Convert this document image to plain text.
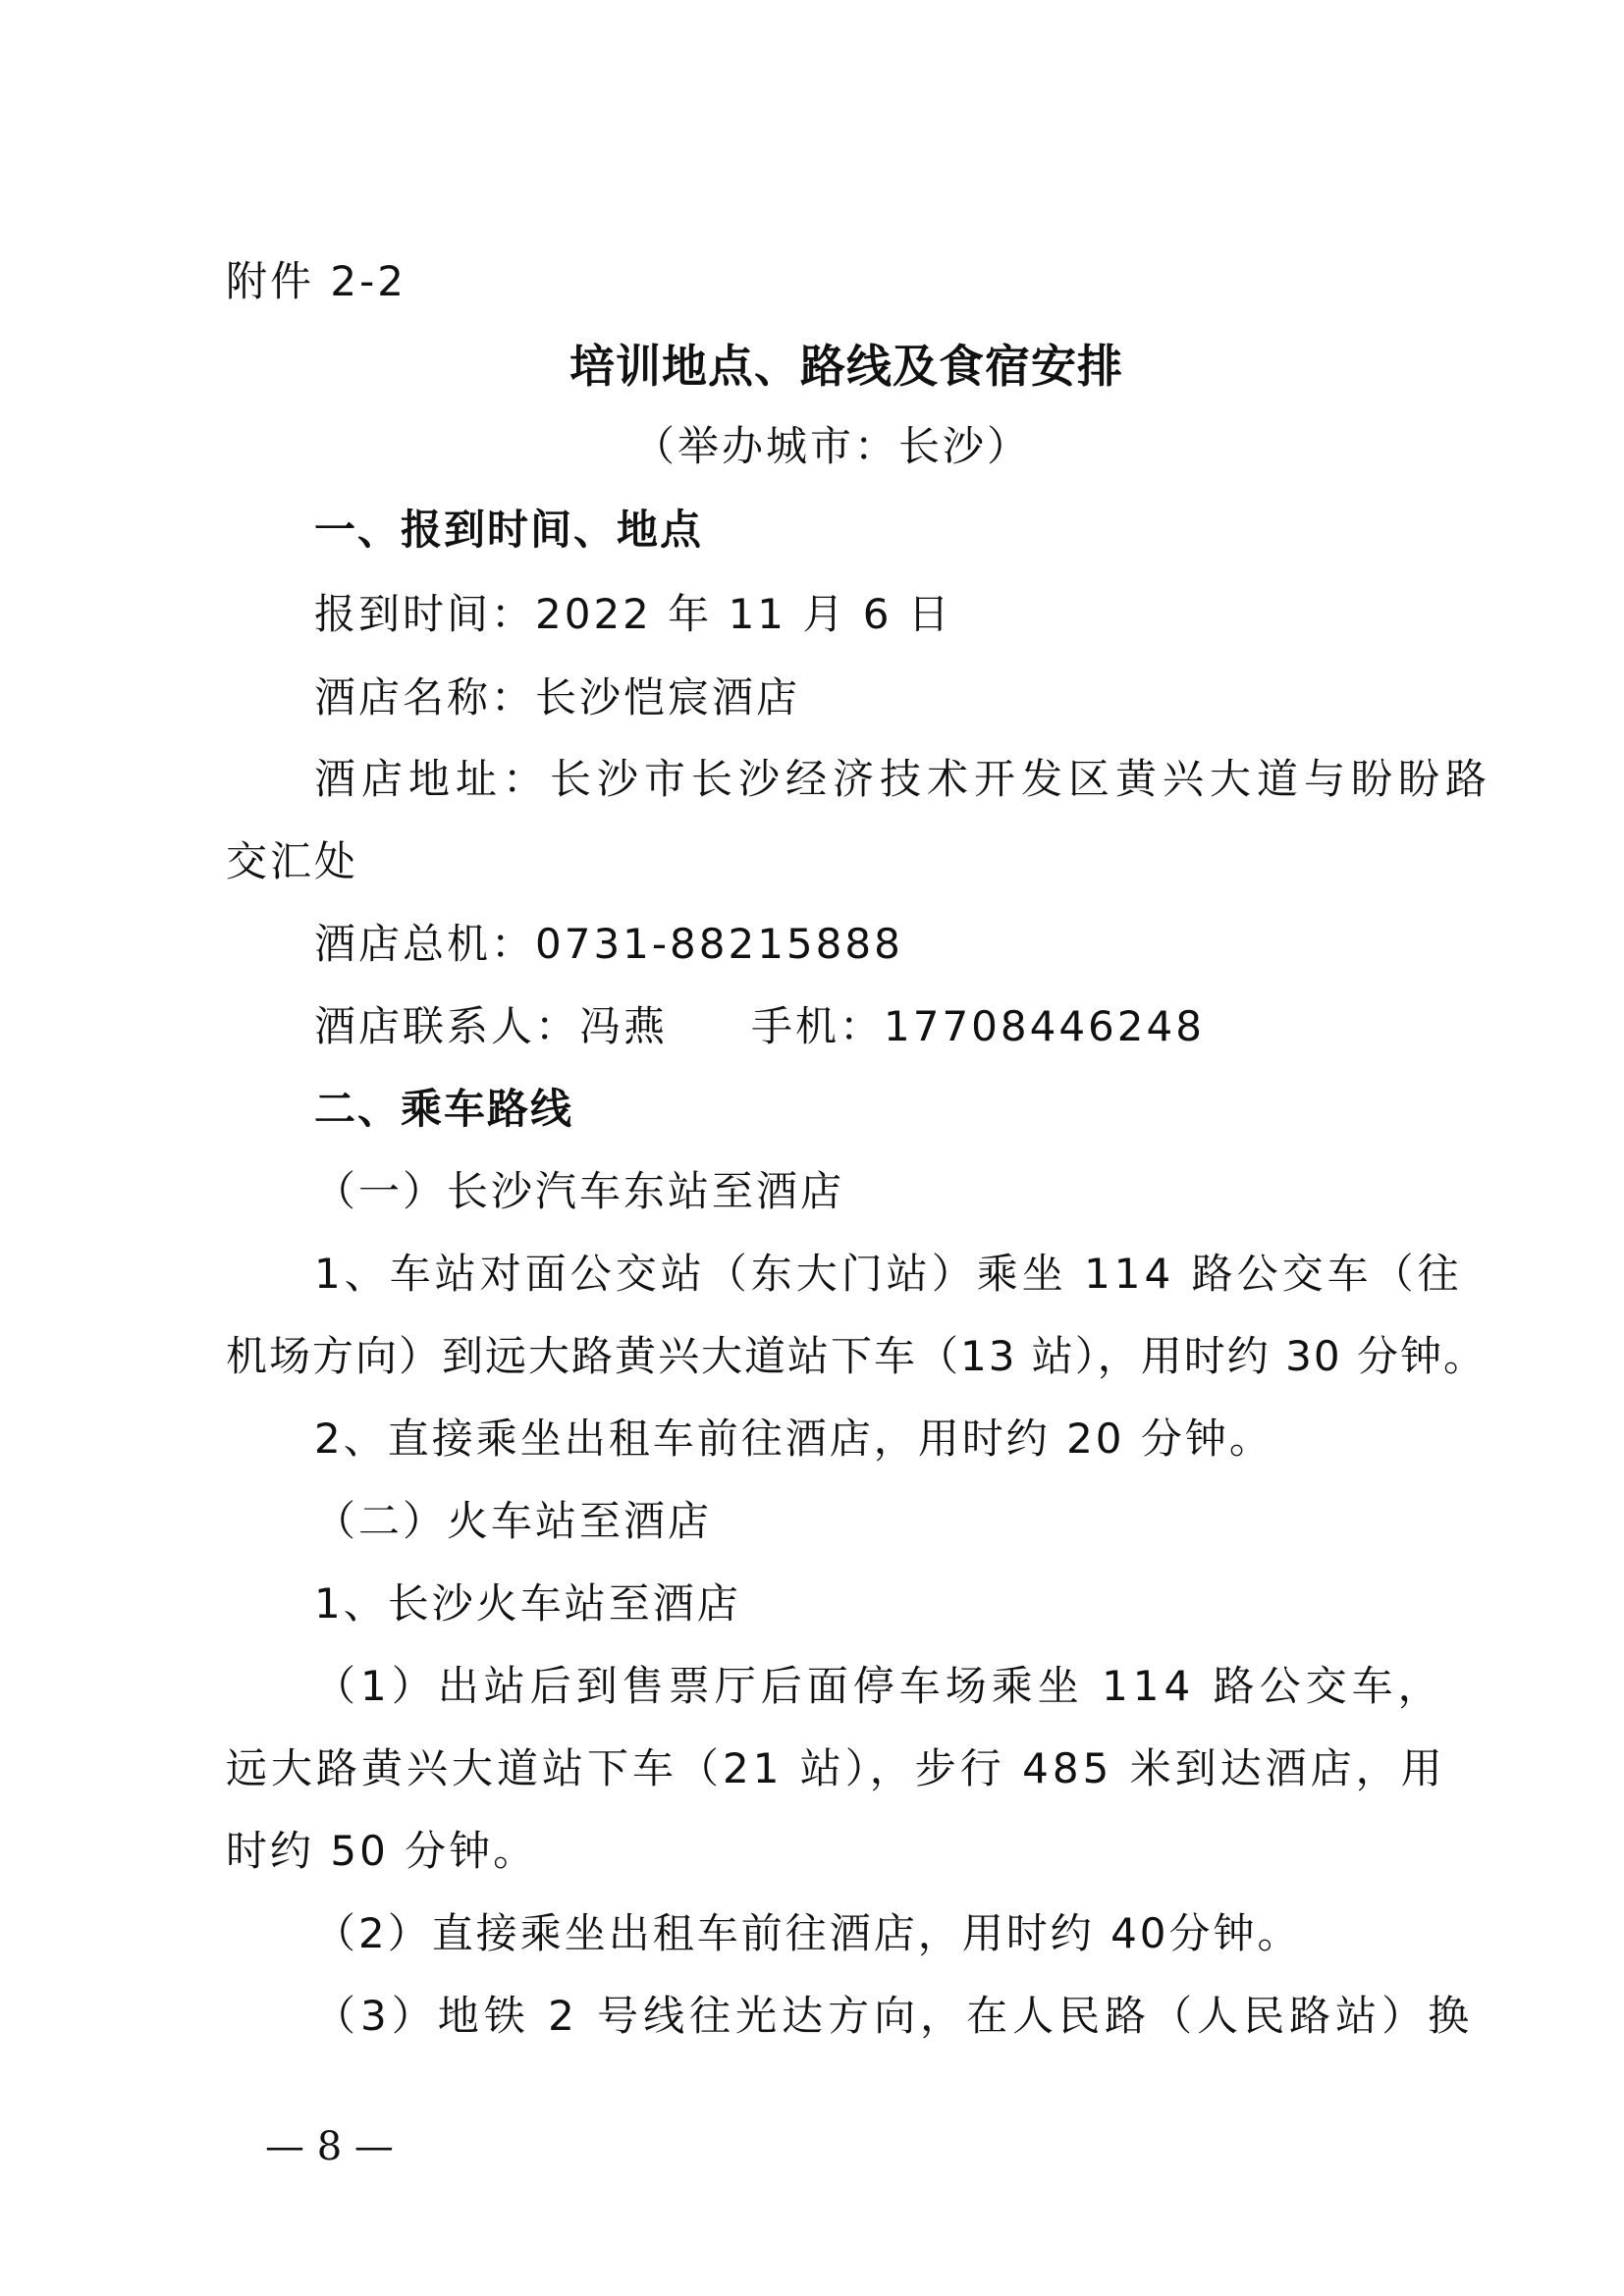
附件 2-2
培训地点、路线及食宿安排
（举办城市：长沙）
一、报到时间、地点
报到时间：2022 年 11 月 6 日
酒店名称：长沙恺宸酒店
酒店地址：长沙市长沙经济技术开发区黄兴大道与盼盼路
交汇处
酒店总机：0731-88215888
酒店联系人：冯燕 手机：17708446248
二、乘车路线
（一）长沙汽车东站至酒店
1、车站对面公交站（东大门站）乘坐 114 路公交车（往
机场方向）到远大路黄兴大道站下车（13 站），用时约 30 分钟。
2、直接乘坐出租车前往酒店，用时约 20 分钟。
（二）火车站至酒店
1、长沙火车站至酒店
（1）出站后到售票厅后面停车场乘坐 114 路公交车，
远大路黄兴大道站下车（21 站），步行 485 米到达酒店，用
时约 50 分钟。
（2）直接乘坐出租车前往酒店，用时约 40分钟。
（3）地铁 2 号线往光达方向，在人民路（人民路站）换
— 8 —
